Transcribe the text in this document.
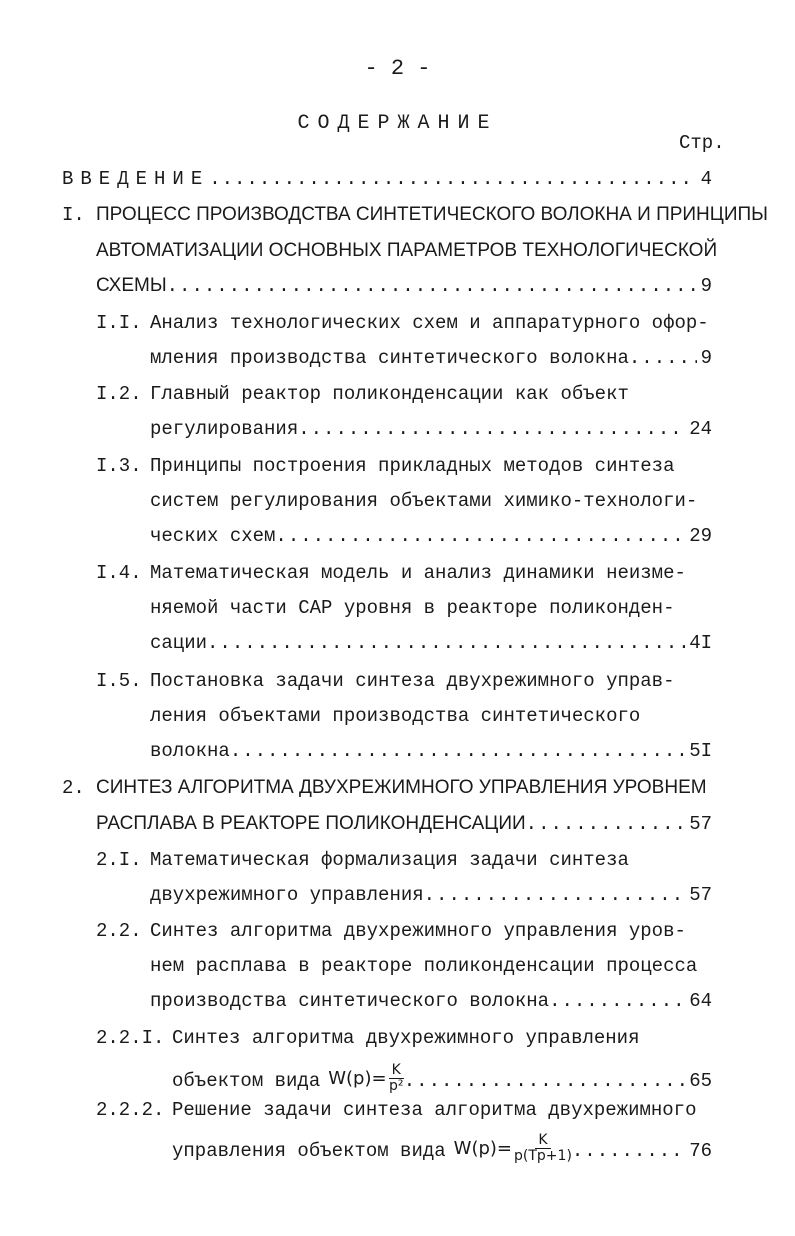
- 2 -
СОДЕРЖАНИЕ
Стр.
ВВЕДЕНИЕ .....	4
I. ПРОЦЕСС ПРОИЗВОДСТВА СИНТЕТИЧЕСКОГО ВОЛОКНА И ПРИНЦИПЫ
АВТОМАТИЗАЦИИ ОСНОВНЫХ ПАРАМЕТРОВ ТЕХНОЛОГИЧЕСКОЙ
СХЕМЫ .....	9
I.I. Анализ технологических схем и аппаратурного офор-
мления производства синтетического волокна .....	9
I.2. Главный реактор поликонденсации как объект
регулирования .....	24
I.3. Принципы построения прикладных методов синтеза
систем регулирования объектами химико-технологи-
ческих схем .....	29
I.4. Математическая модель и анализ динамики неизме-
няемой части САР уровня в реакторе поликонден-
сации .....	4I
I.5. Постановка задачи синтеза двухрежимного управ-
ления объектами производства синтетического
волокна .....	5I
2. СИНТЕЗ АЛГОРИТМА ДВУХРЕЖИМНОГО УПРАВЛЕНИЯ УРОВНЕМ
РАСПЛАВА В РЕАКТОРЕ ПОЛИКОНДЕНСАЦИИ .....	57
2.I. Математическая формализация задачи синтеза
двухрежимного управления .....	57
2.2. Синтез алгоритма двухрежимного управления уров-
нем расплава в реакторе поликонденсации процесса
производства синтетического волокна .....	64
2.2.I. Синтез алгоритма двухрежимного управления
объектом вида $W(p)= \frac{K}{\text{p²}}$ .....	65
2.2.2. Решение задачи синтеза алгоритма двухрежимного
управления объектом вида $W(p)= \frac{K}{p(Tp+1)}$ .....	76
